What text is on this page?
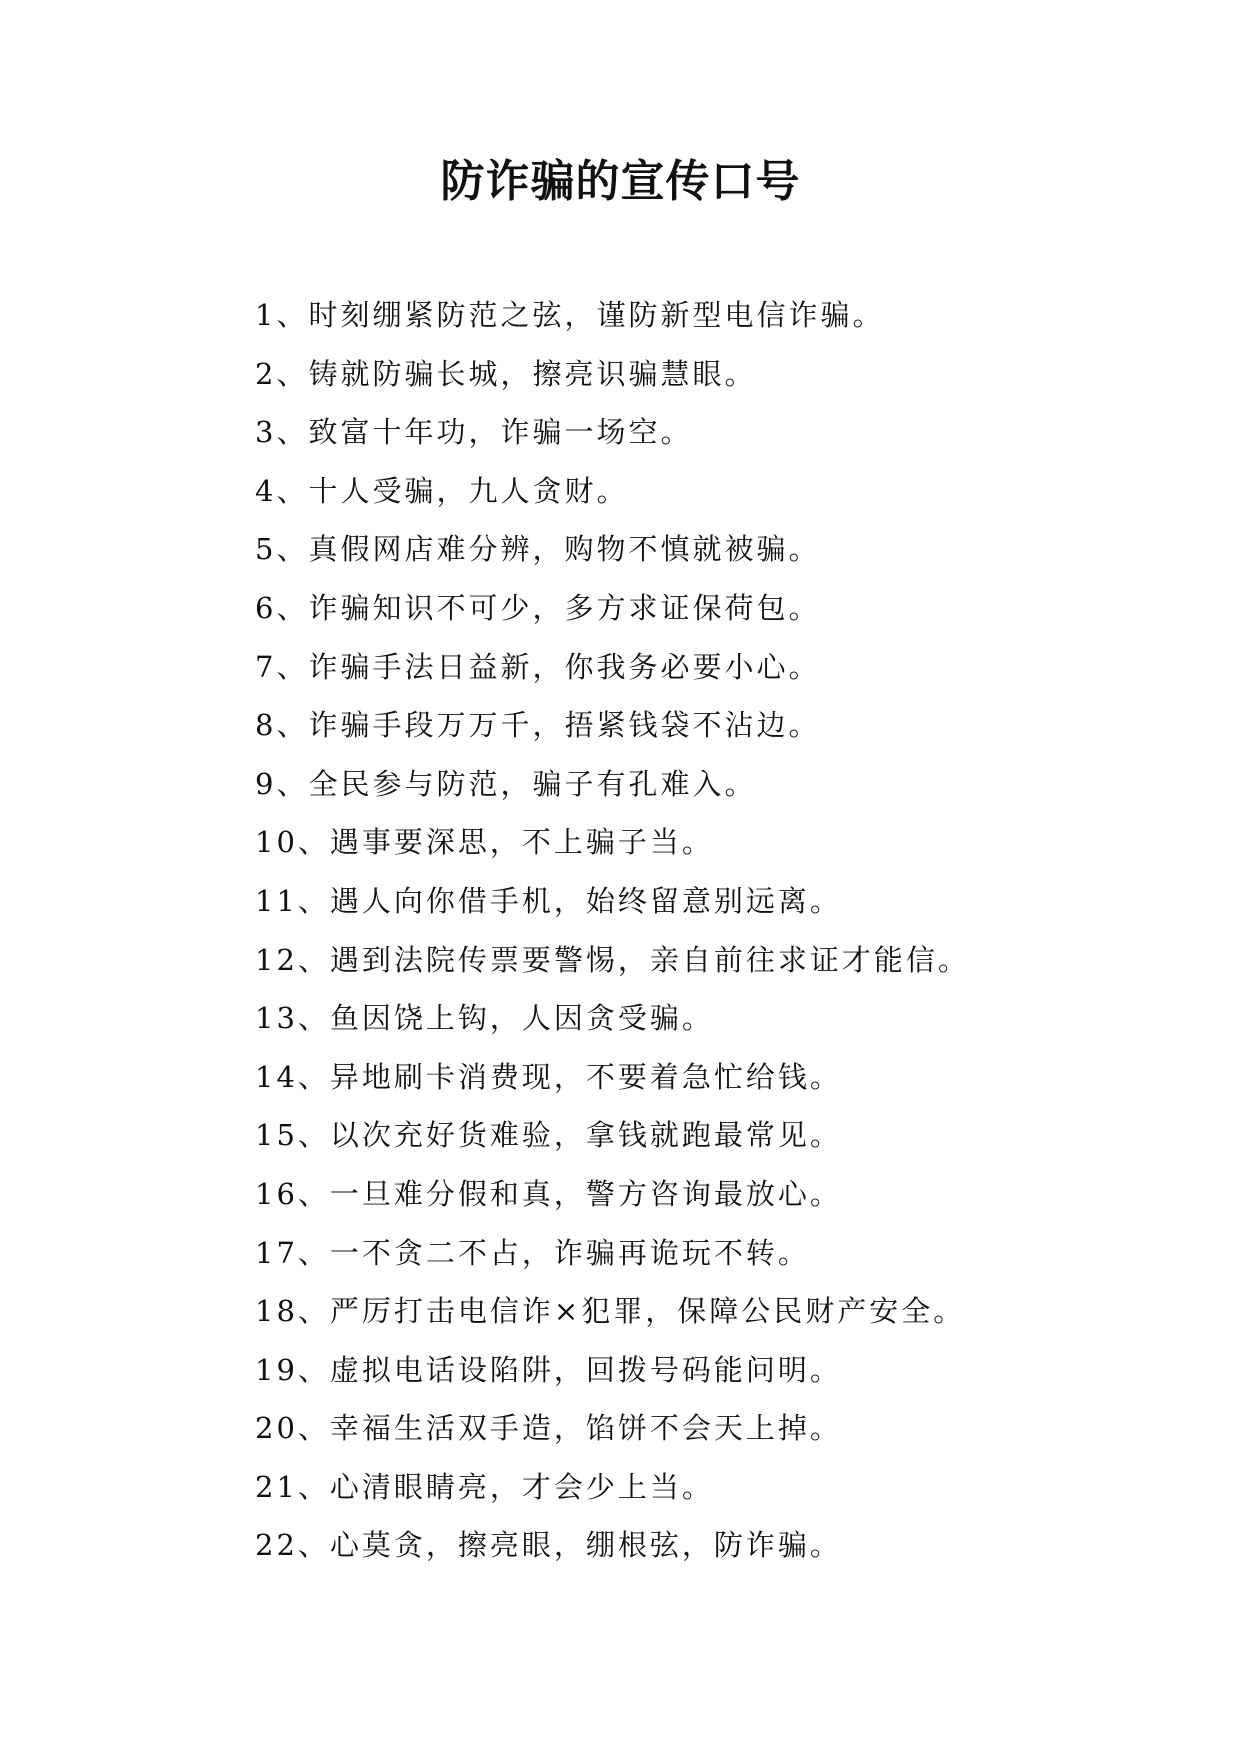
防诈骗的宣传口号
1、时刻绷紧防范之弦，谨防新型电信诈骗。
2、铸就防骗长城，擦亮识骗慧眼。
3、致富十年功，诈骗一场空。
4、十人受骗，九人贪财。
5、真假网店难分辨，购物不慎就被骗。
6、诈骗知识不可少，多方求证保荷包。
7、诈骗手法日益新，你我务必要小心。
8、诈骗手段万万千，捂紧钱袋不沾边。
9、全民参与防范，骗子有孔难入。
10、遇事要深思，不上骗子当。
11、遇人向你借手机，始终留意别远离。
12、遇到法院传票要警惕，亲自前往求证才能信。
13、鱼因饶上钩，人因贪受骗。
14、异地刷卡消费现，不要着急忙给钱。
15、以次充好货难验，拿钱就跑最常见。
16、一旦难分假和真，警方咨询最放心。
17、一不贪二不占，诈骗再诡玩不转。
18、严厉打击电信诈×犯罪，保障公民财产安全。
19、虚拟电话设陷阱，回拨号码能问明。
20、幸福生活双手造，馅饼不会天上掉。
21、心清眼睛亮，才会少上当。
22、心莫贪，擦亮眼，绷根弦，防诈骗。
